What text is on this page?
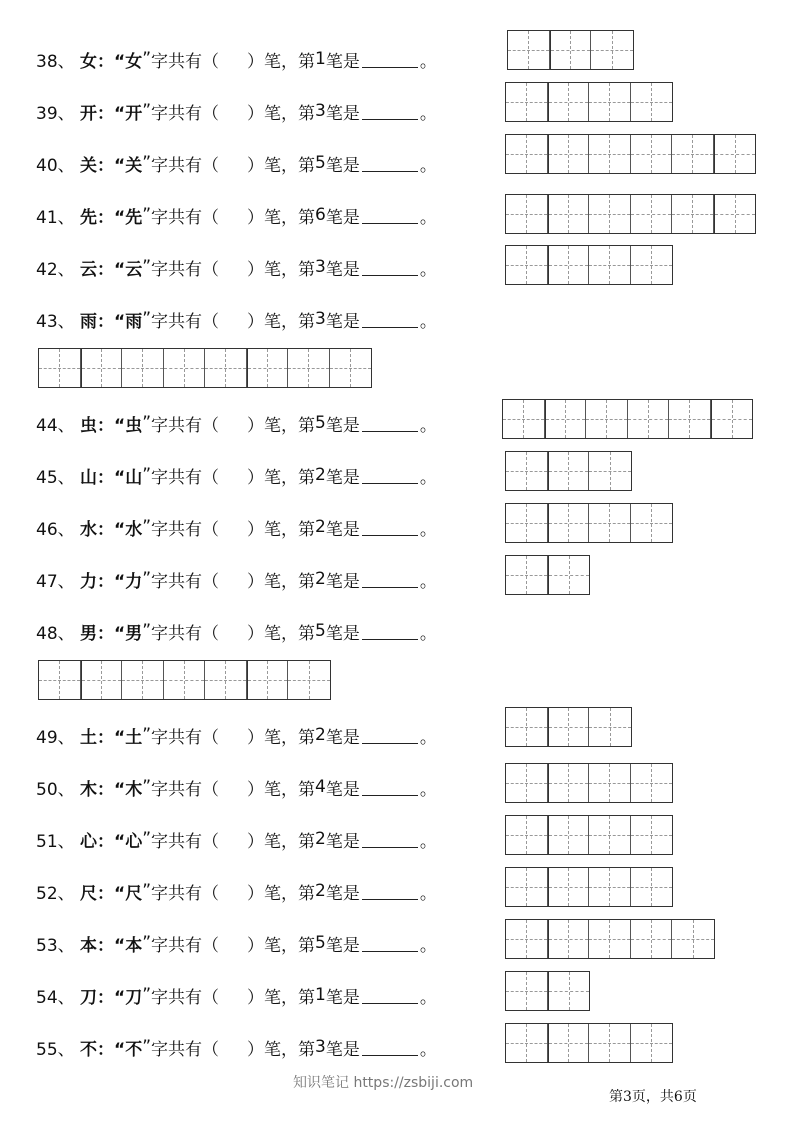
38、 女 ：“ 女 ” 字共有（ ）笔，第 1 笔是	。
39、 开 ：“ 开 ” 字共有（ ）笔，第 3 笔是	。
40、 关 ：“ 关 ” 字共有（ ）笔，第 5 笔是	。
41、 先 ：“ 先 ” 字共有（ ）笔，第 6 笔是	。
42、 云 ：“ 云 ” 字共有（ ）笔，第 3 笔是	。
43、 雨 ：“ 雨 ” 字共有（ ）笔，第 3 笔是	。
44、 虫 ：“ 虫 ” 字共有（ ）笔，第 5 笔是	。
45、 山 ：“ 山 ” 字共有（ ）笔，第 2 笔是	。
46、 水 ：“ 水 ” 字共有（ ）笔，第 2 笔是	。
47、 力 ：“ 力 ” 字共有（ ）笔，第 2 笔是	。
48、 男 ：“ 男 ” 字共有（ ）笔，第 5 笔是	。
49、 土 ：“ 土 ” 字共有（ ）笔，第 2 笔是	。
50、 木 ：“ 木 ” 字共有（ ）笔，第 4 笔是	。
51、 心 ：“ 心 ” 字共有（ ）笔，第 2 笔是	。
52、 尺 ：“ 尺 ” 字共有（ ）笔，第 2 笔是	。
53、 本 ：“ 本 ” 字共有（ ）笔，第 5 笔是	。
54、 刀 ：“ 刀 ” 字共有（ ）笔，第 1 笔是	。
55、 不 ：“ 不 ” 字共有（ ）笔，第 3 笔是	。
知识笔记 https://zsbiji.com
第3页，共6页
